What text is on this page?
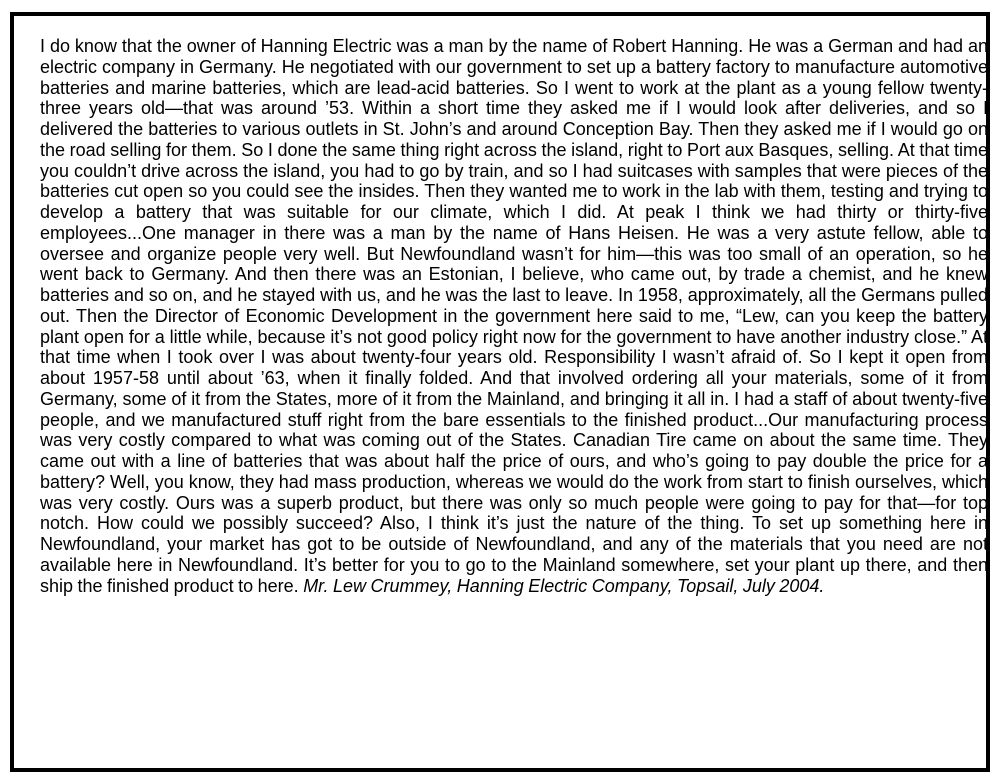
I do know that the owner of Hanning Electric was a man by the name of Robert Hanning. He was a German and had an electric company in Germany. He negotiated with our government to set up a battery factory to manufacture automotive batteries and marine batteries, which are lead-acid batteries. So I went to work at the plant as a young fellow twenty-three years old—that was around ’53. Within a short time they asked me if I would look after deliveries, and so I delivered the batteries to various outlets in St. John’s and around Conception Bay. Then they asked me if I would go on the road selling for them. So I done the same thing right across the island, right to Port aux Basques, selling. At that time you couldn’t drive across the island, you had to go by train, and so I had suitcases with samples that were pieces of the batteries cut open so you could see the insides. Then they wanted me to work in the lab with them, testing and trying to develop a battery that was suitable for our climate, which I did. At peak I think we had thirty or thirty-five employees...One manager in there was a man by the name of Hans Heisen. He was a very astute fellow, able to oversee and organize people very well. But Newfoundland wasn’t for him—this was too small of an operation, so he went back to Germany. And then there was an Estonian, I believe, who came out, by trade a chemist, and he knew batteries and so on, and he stayed with us, and he was the last to leave. In 1958, approximately, all the Germans pulled out. Then the Director of Economic Development in the government here said to me, “Lew, can you keep the battery plant open for a little while, because it’s not good policy right now for the government to have another industry close.” At that time when I took over I was about twenty-four years old. Responsibility I wasn’t afraid of. So I kept it open from about 1957-58 until about ’63, when it finally folded. And that involved ordering all your materials, some of it from Germany, some of it from the States, more of it from the Mainland, and bringing it all in. I had a staff of about twenty-five people, and we manufactured stuff right from the bare essentials to the finished product...Our manufacturing process was very costly compared to what was coming out of the States. Canadian Tire came on about the same time. They came out with a line of batteries that was about half the price of ours, and who’s going to pay double the price for a battery? Well, you know, they had mass production, whereas we would do the work from start to finish ourselves, which was very costly. Ours was a superb product, but there was only so much people were going to pay for that—for top notch. How could we possibly succeed? Also, I think it’s just the nature of the thing. To set up something here in Newfoundland, your market has got to be outside of Newfoundland, and any of the materials that you need are not available here in Newfoundland. It’s better for you to go to the Mainland somewhere, set your plant up there, and then ship the finished product to here. Mr. Lew Crummey, Hanning Electric Company, Topsail, July 2004.
